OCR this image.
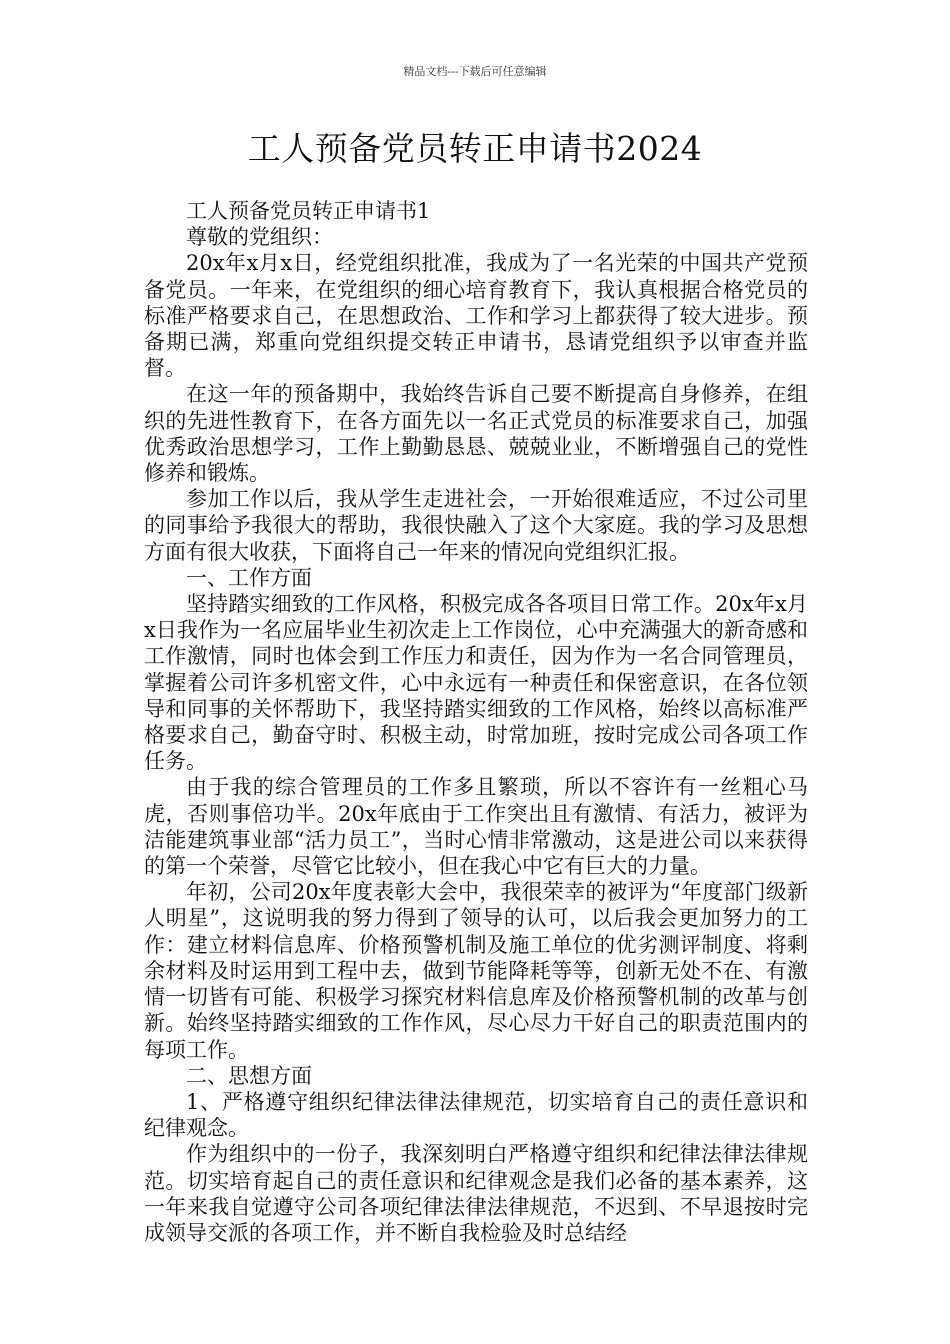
精品文档---下载后可任意编辑
工人预备党员转正申请书2024

工人预备党员转正申请书1

尊敬的党组织：

20x年x月x日，经党组织批准，我成为了一名光荣的中国共产党预备党员。一年来，在党组织的细心培育教育下，我认真根据合格党员的标准严格要求自己，在思想政治、工作和学习上都获得了较大进步。预备期已满，郑重向党组织提交转正申请书，恳请党组织予以审查并监督。

在这一年的预备期中，我始终告诉自己要不断提高自身修养，在组织的先进性教育下，在各方面先以一名正式党员的标准要求自己，加强优秀政治思想学习，工作上勤勤恳恳、兢兢业业，不断增强自己的党性修养和锻炼。

参加工作以后，我从学生走进社会，一开始很难适应，不过公司里的同事给予我很大的帮助，我很快融入了这个大家庭。我的学习及思想方面有很大收获，下面将自己一年来的情况向党组织汇报。

一、工作方面

坚持踏实细致的工作风格，积极完成各各项目日常工作。20x年x月x日我作为一名应届毕业生初次走上工作岗位，心中充满强大的新奇感和工作激情，同时也体会到工作压力和责任，因为作为一名合同管理员，掌握着公司许多机密文件，心中永远有一种责任和保密意识，在各位领导和同事的关怀帮助下，我坚持踏实细致的工作风格，始终以高标准严格要求自己，勤奋守时、积极主动，时常加班，按时完成公司各项工作任务。

由于我的综合管理员的工作多且繁琐，所以不容许有一丝粗心马虎，否则事倍功半。20x年底由于工作突出且有激情、有活力，被评为洁能建筑事业部“活力员工”，当时心情非常激动，这是进公司以来获得的第一个荣誉，尽管它比较小，但在我心中它有巨大的力量。

年初，公司20x年度表彰大会中，我很荣幸的被评为“年度部门级新人明星”，这说明我的努力得到了领导的认可，以后我会更加努力的工作：建立材料信息库、价格预警机制及施工单位的优劣测评制度、将剩余材料及时运用到工程中去，做到节能降耗等等，创新无处不在、有激情一切皆有可能、积极学习探究材料信息库及价格预警机制的改革与创新。始终坚持踏实细致的工作作风，尽心尽力干好自己的职责范围内的每项工作。

二、思想方面

1、严格遵守组织纪律法律法律规范，切实培育自己的责任意识和纪律观念。

作为组织中的一份子，我深刻明白严格遵守组织和纪律法律法律规范。切实培育起自己的责任意识和纪律观念是我们必备的基本素养，这一年来我自觉遵守公司各项纪律法律法律规范，不迟到、不早退按时完成领导交派的各项工作，并不断自我检验及时总结经
